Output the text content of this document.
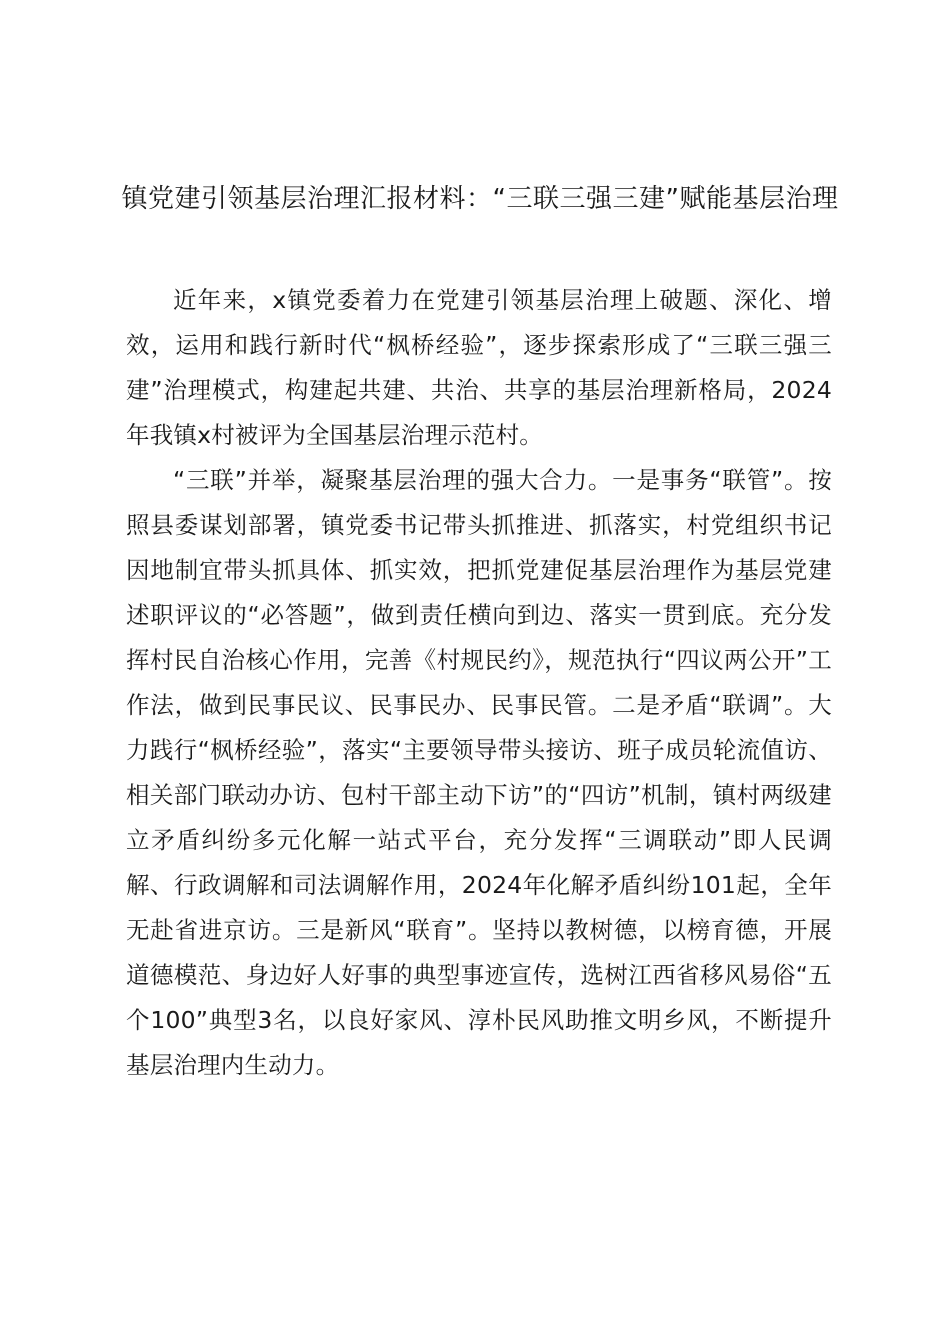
镇党建引领基层治理汇报材料：“三联三强三建”赋能基层治理

近年来，x镇党委着力在党建引领基层治理上破题、深化、增效，运用和践行新时代“枫桥经验”，逐步探索形成了“三联三强三建”治理模式，构建起共建、共治、共享的基层治理新格局，2024年我镇x村被评为全国基层治理示范村。

“三联”并举，凝聚基层治理的强大合力。一是事务“联管”。按照县委谋划部署，镇党委书记带头抓推进、抓落实，村党组织书记因地制宜带头抓具体、抓实效，把抓党建促基层治理作为基层党建述职评议的“必答题”，做到责任横向到边、落实一贯到底。充分发挥村民自治核心作用，完善《村规民约》，规范执行“四议两公开”工作法，做到民事民议、民事民办、民事民管。二是矛盾“联调”。大力践行“枫桥经验”，落实“主要领导带头接访、班子成员轮流值访、相关部门联动办访、包村干部主动下访”的“四访”机制，镇村两级建立矛盾纠纷多元化解一站式平台，充分发挥“三调联动”即人民调解、行政调解和司法调解作用，2024年化解矛盾纠纷101起，全年无赴省进京访。三是新风“联育”。坚持以教树德，以榜育德，开展道德模范、身边好人好事的典型事迹宣传，选树江西省移风易俗“五个100”典型3名，以良好家风、淳朴民风助推文明乡风，不断提升基层治理内生动力。
